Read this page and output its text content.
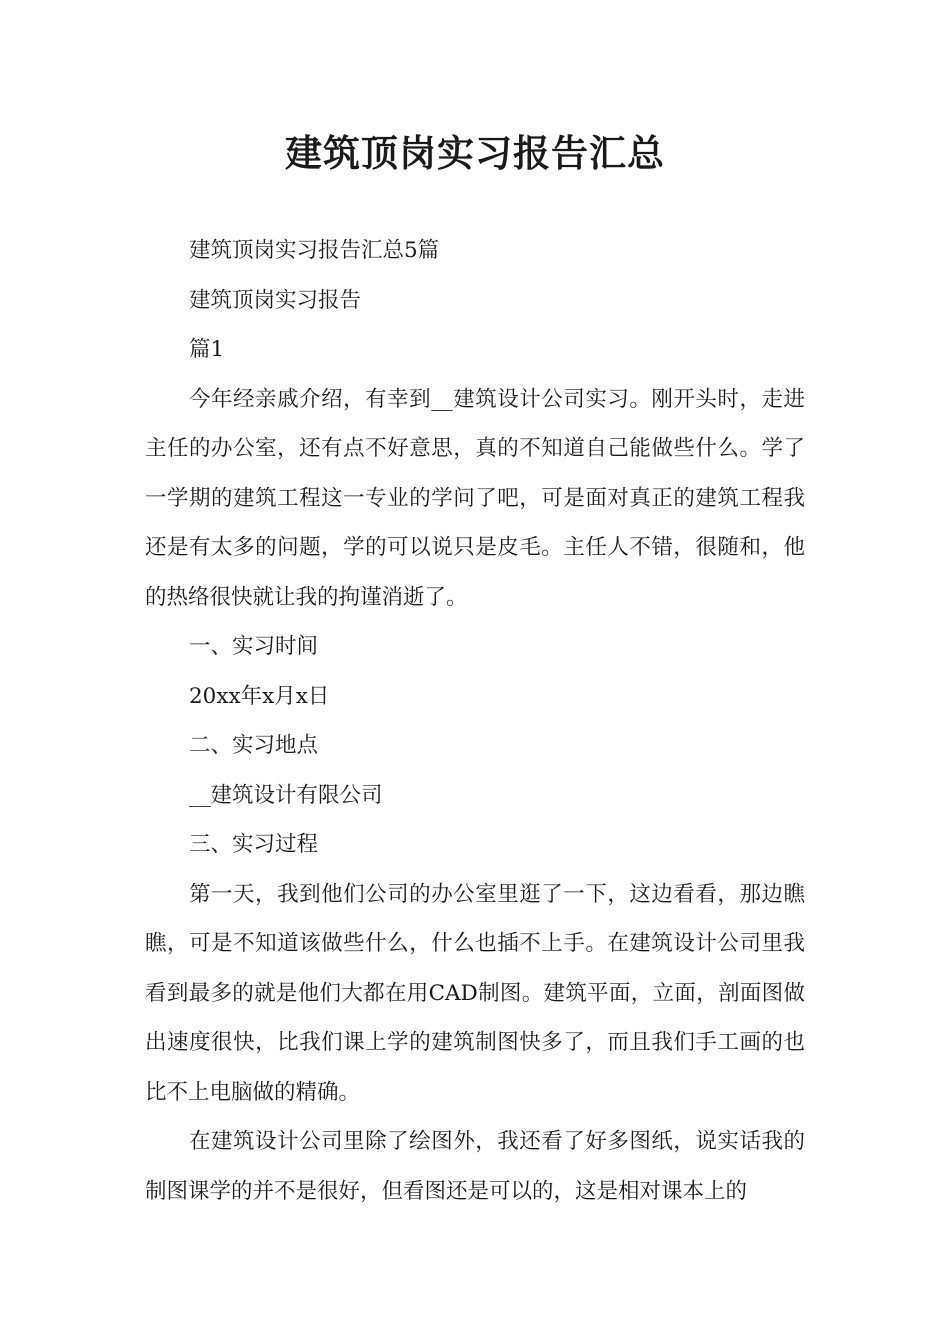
建筑顶岗实习报告汇总

建筑顶岗实习报告汇总5篇

建筑顶岗实习报告

篇1

今年经亲戚介绍，有幸到__建筑设计公司实习。刚开头时，走进主任的办公室，还有点不好意思，真的不知道自己能做些什么。学了一学期的建筑工程这一专业的学问了吧，可是面对真正的建筑工程我还是有太多的问题，学的可以说只是皮毛。主任人不错，很随和，他的热络很快就让我的拘谨消逝了。

一、实习时间

20xx年x月x日

二、实习地点

__建筑设计有限公司

三、实习过程

第一天，我到他们公司的办公室里逛了一下，这边看看，那边瞧瞧，可是不知道该做些什么，什么也插不上手。在建筑设计公司里我看到最多的就是他们大都在用CAD制图。建筑平面，立面，剖面图做出速度很快，比我们课上学的建筑制图快多了，而且我们手工画的也比不上电脑做的精确。

在建筑设计公司里除了绘图外，我还看了好多图纸，说实话我的制图课学的并不是很好，但看图还是可以的，这是相对课本上的
